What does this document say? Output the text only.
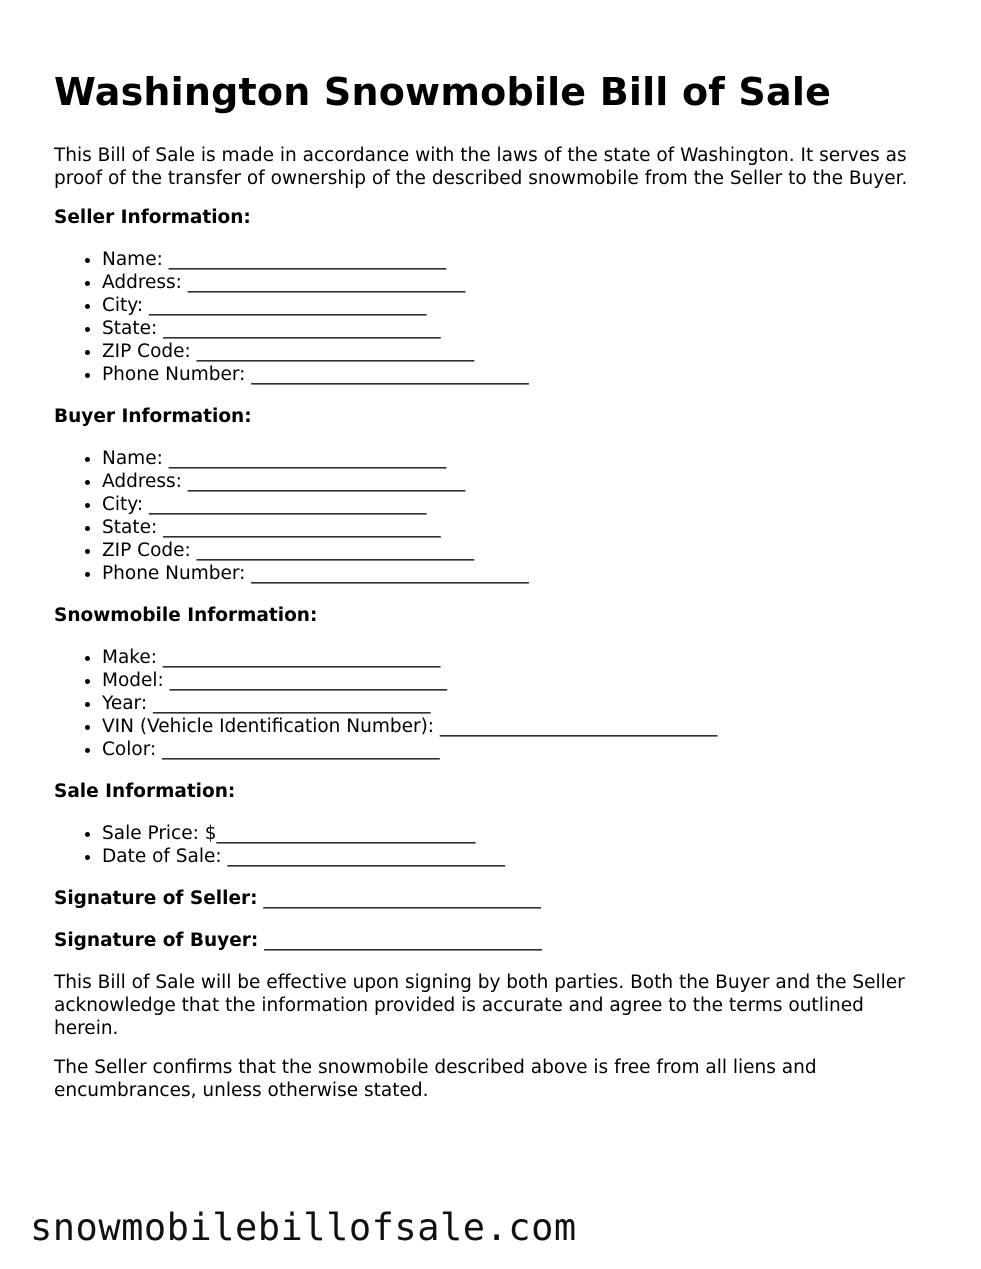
Washington Snowmobile Bill of Sale

This Bill of Sale is made in accordance with the laws of the state of Washington. It serves as proof of the transfer of ownership of the described snowmobile from the Seller to the Buyer.

Seller Information:
• Name: ______________________________
• Address: ______________________________
• City: ______________________________
• State: ______________________________
• ZIP Code: ______________________________
• Phone Number: ______________________________
Buyer Information:
• Name: ______________________________
• Address: ______________________________
• City: ______________________________
• State: ______________________________
• ZIP Code: ______________________________
• Phone Number: ______________________________
Snowmobile Information:
• Make: ______________________________
• Model: ______________________________
• Year: ______________________________
• VIN (Vehicle Identification Number): ______________________________
• Color: ______________________________
Sale Information:
• Sale Price: $____________________________
• Date of Sale: ______________________________
Signature of Seller: ______________________________
Signature of Buyer: ______________________________

This Bill of Sale will be effective upon signing by both parties. Both the Buyer and the Seller acknowledge that the information provided is accurate and agree to the terms outlined herein.

The Seller confirms that the snowmobile described above is free from all liens and encumbrances, unless otherwise stated.

snowmobilebillofsale.com
